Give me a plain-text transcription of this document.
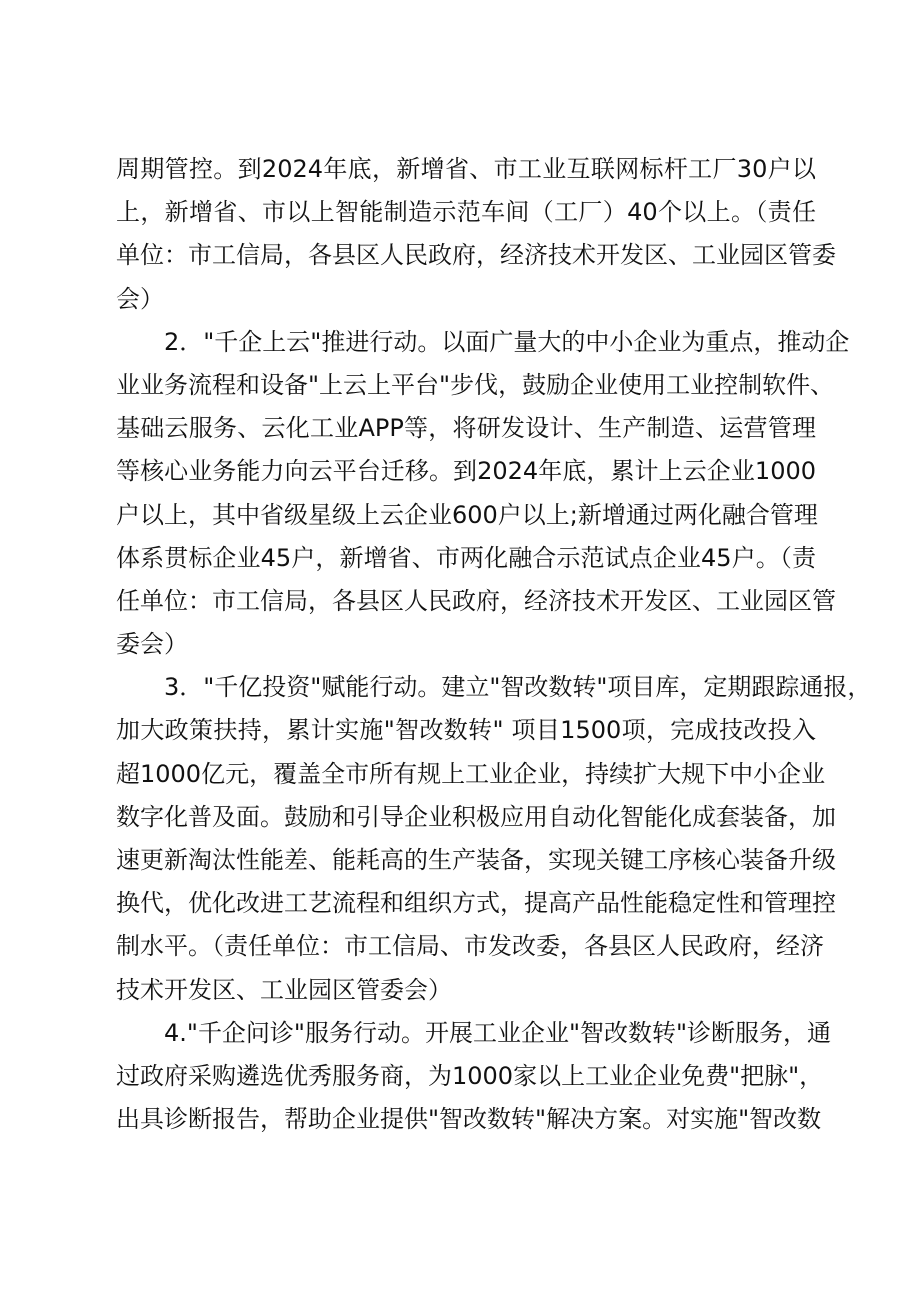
周期管控。到2024年底，新增省、市工业互联网标杆工厂30户以
上，新增省、市以上智能制造示范车间（工厂）40个以上。（责任
单位：市工信局，各县区人民政府，经济技术开发区、工业园区管委
会）
2．"千企上云"推进行动。以面广量大的中小企业为重点，推动企
业业务流程和设备"上云上平台"步伐，鼓励企业使用工业控制软件、
基础云服务、云化工业APP等，将研发设计、生产制造、运营管理
等核心业务能力向云平台迁移。到2024年底，累计上云企业1000
户以上，其中省级星级上云企业600户以上;新增通过两化融合管理
体系贯标企业45户，新增省、市两化融合示范试点企业45户。（责
任单位：市工信局，各县区人民政府，经济技术开发区、工业园区管
委会）
3．"千亿投资"赋能行动。建立"智改数转"项目库，定期跟踪通报，
加大政策扶持，累计实施"智改数转" 项目1500项，完成技改投入
超1000亿元，覆盖全市所有规上工业企业，持续扩大规下中小企业
数字化普及面。鼓励和引导企业积极应用自动化智能化成套装备，加
速更新淘汰性能差、能耗高的生产装备，实现关键工序核心装备升级
换代，优化改进工艺流程和组织方式，提高产品性能稳定性和管理控
制水平。（责任单位：市工信局、市发改委，各县区人民政府，经济
技术开发区、工业园区管委会）
4."千企问诊"服务行动。开展工业企业"智改数转"诊断服务，通
过政府采购遴选优秀服务商，为1000家以上工业企业免费"把脉"，
出具诊断报告，帮助企业提供"智改数转"解决方案。对实施"智改数
